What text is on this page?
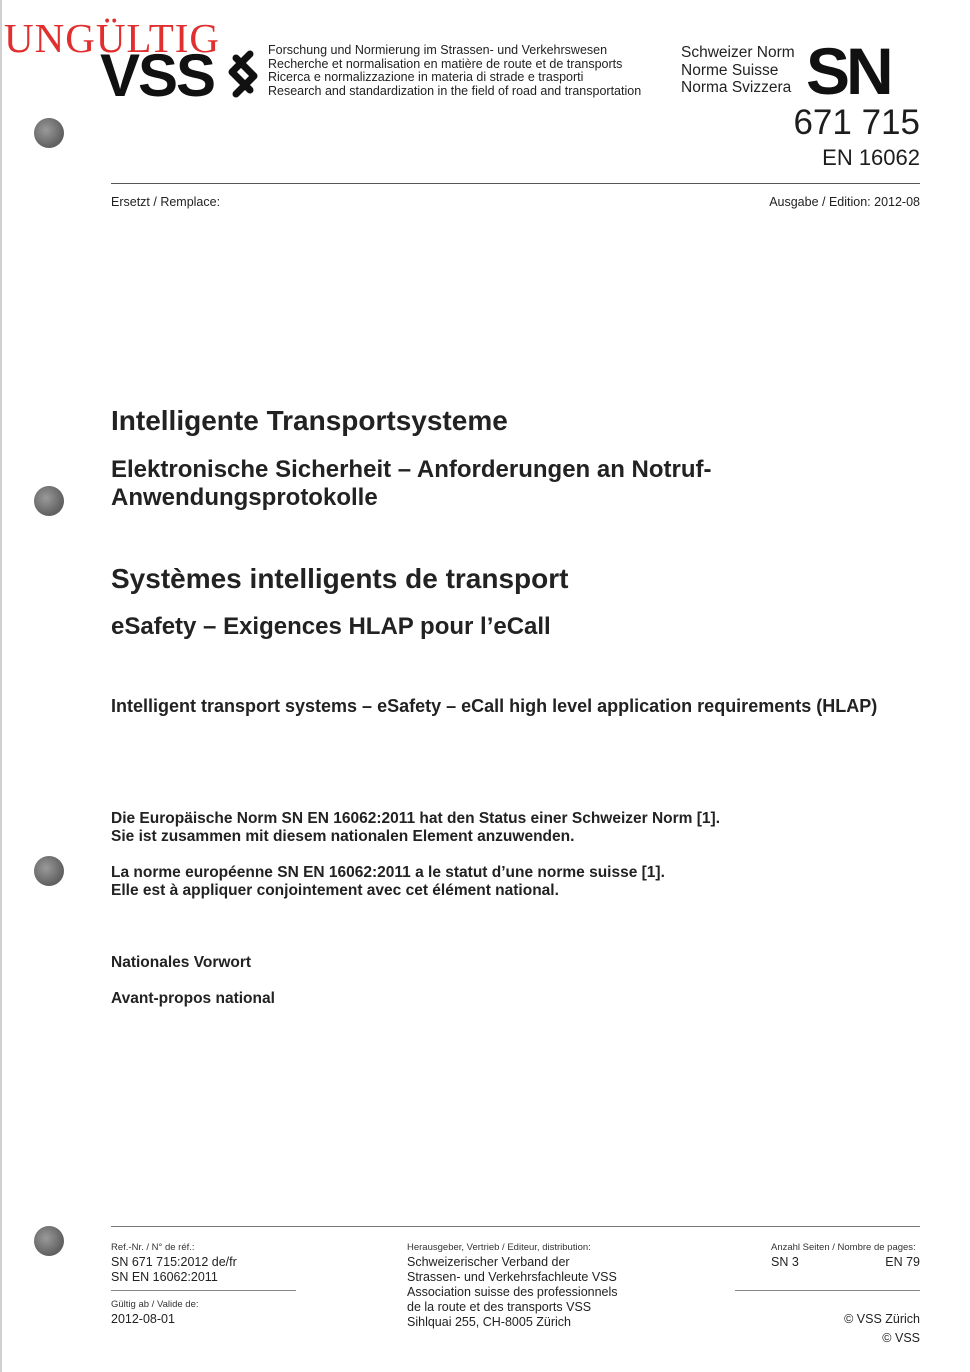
VSS
UNGÜLTIG	Forschung und Normierung im Strassen- und Verkehrswesen
Recherche et normalisation en matière de route et de transports
Ricerca e normalizzazione in materia di strade e trasporti
Research and standardization in the field of road and transportation
Schweizer Norm
Norme Suisse
Norma Svizzera SN
671 715
EN 16062
Ersetzt / Remplace:	Ausgabe / Edition: 2012-08
Intelligente Transportsysteme
Elektronische Sicherheit – Anforderungen an Notruf-Anwendungsprotokolle
Systèmes intelligents de transport
eSafety – Exigences HLAP pour l’eCall
Intelligent transport systems – eSafety – eCall high level application requirements (HLAP)
Die Europäische Norm SN EN 16062:2011 hat den Status einer Schweizer Norm [1].
Sie ist zusammen mit diesem nationalen Element anzuwenden.
La norme européenne SN EN 16062:2011 a le statut d’une norme suisse [1].
Elle est à appliquer conjointement avec cet élément national.
Nationales Vorwort
Avant-propos national
Ref.-Nr. / N° de réf.:
SN 671 715:2012 de/fr
SN EN 16062:2011
Gültig ab / Valide de:
2012-08-01
Herausgeber, Vertrieb / Editeur, distribution:
Schweizerischer Verband der
Strassen- und Verkehrsfachleute VSS
Association suisse des professionnels
de la route et des transports VSS
Sihlquai 255, CH-8005 Zürich
Anzahl Seiten / Nombre de pages:
SN 3	EN 79
© VSS Zürich
© VSS
